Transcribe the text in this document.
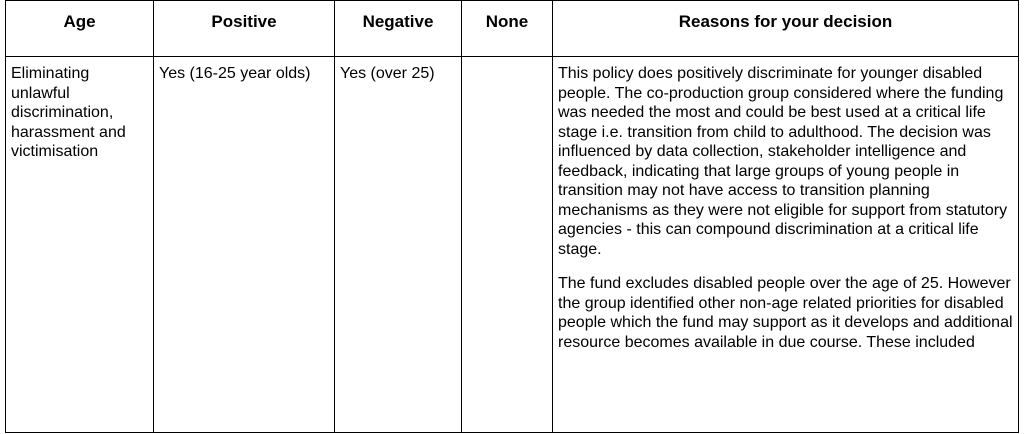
Age	Positive	Negative	None	Reasons for your decision
Eliminating unlawful discrimination, harassment and victimisation	Yes (16-25 year olds)	Yes (over 25)		This policy does positively discriminate for younger disabled people. The co-production group considered where the funding was needed the most and could be best used at a critical life stage i.e. transition from child to adulthood. The decision was influenced by data collection, stakeholder intelligence and feedback, indicating that large groups of young people in transition may not have access to transition planning mechanisms as they were not eligible for support from statutory agencies - this can compound discrimination at a critical life stage.

The fund excludes disabled people over the age of 25. However the group identified other non-age related priorities for disabled people which the fund may support as it develops and additional resource becomes available in due course. These included
